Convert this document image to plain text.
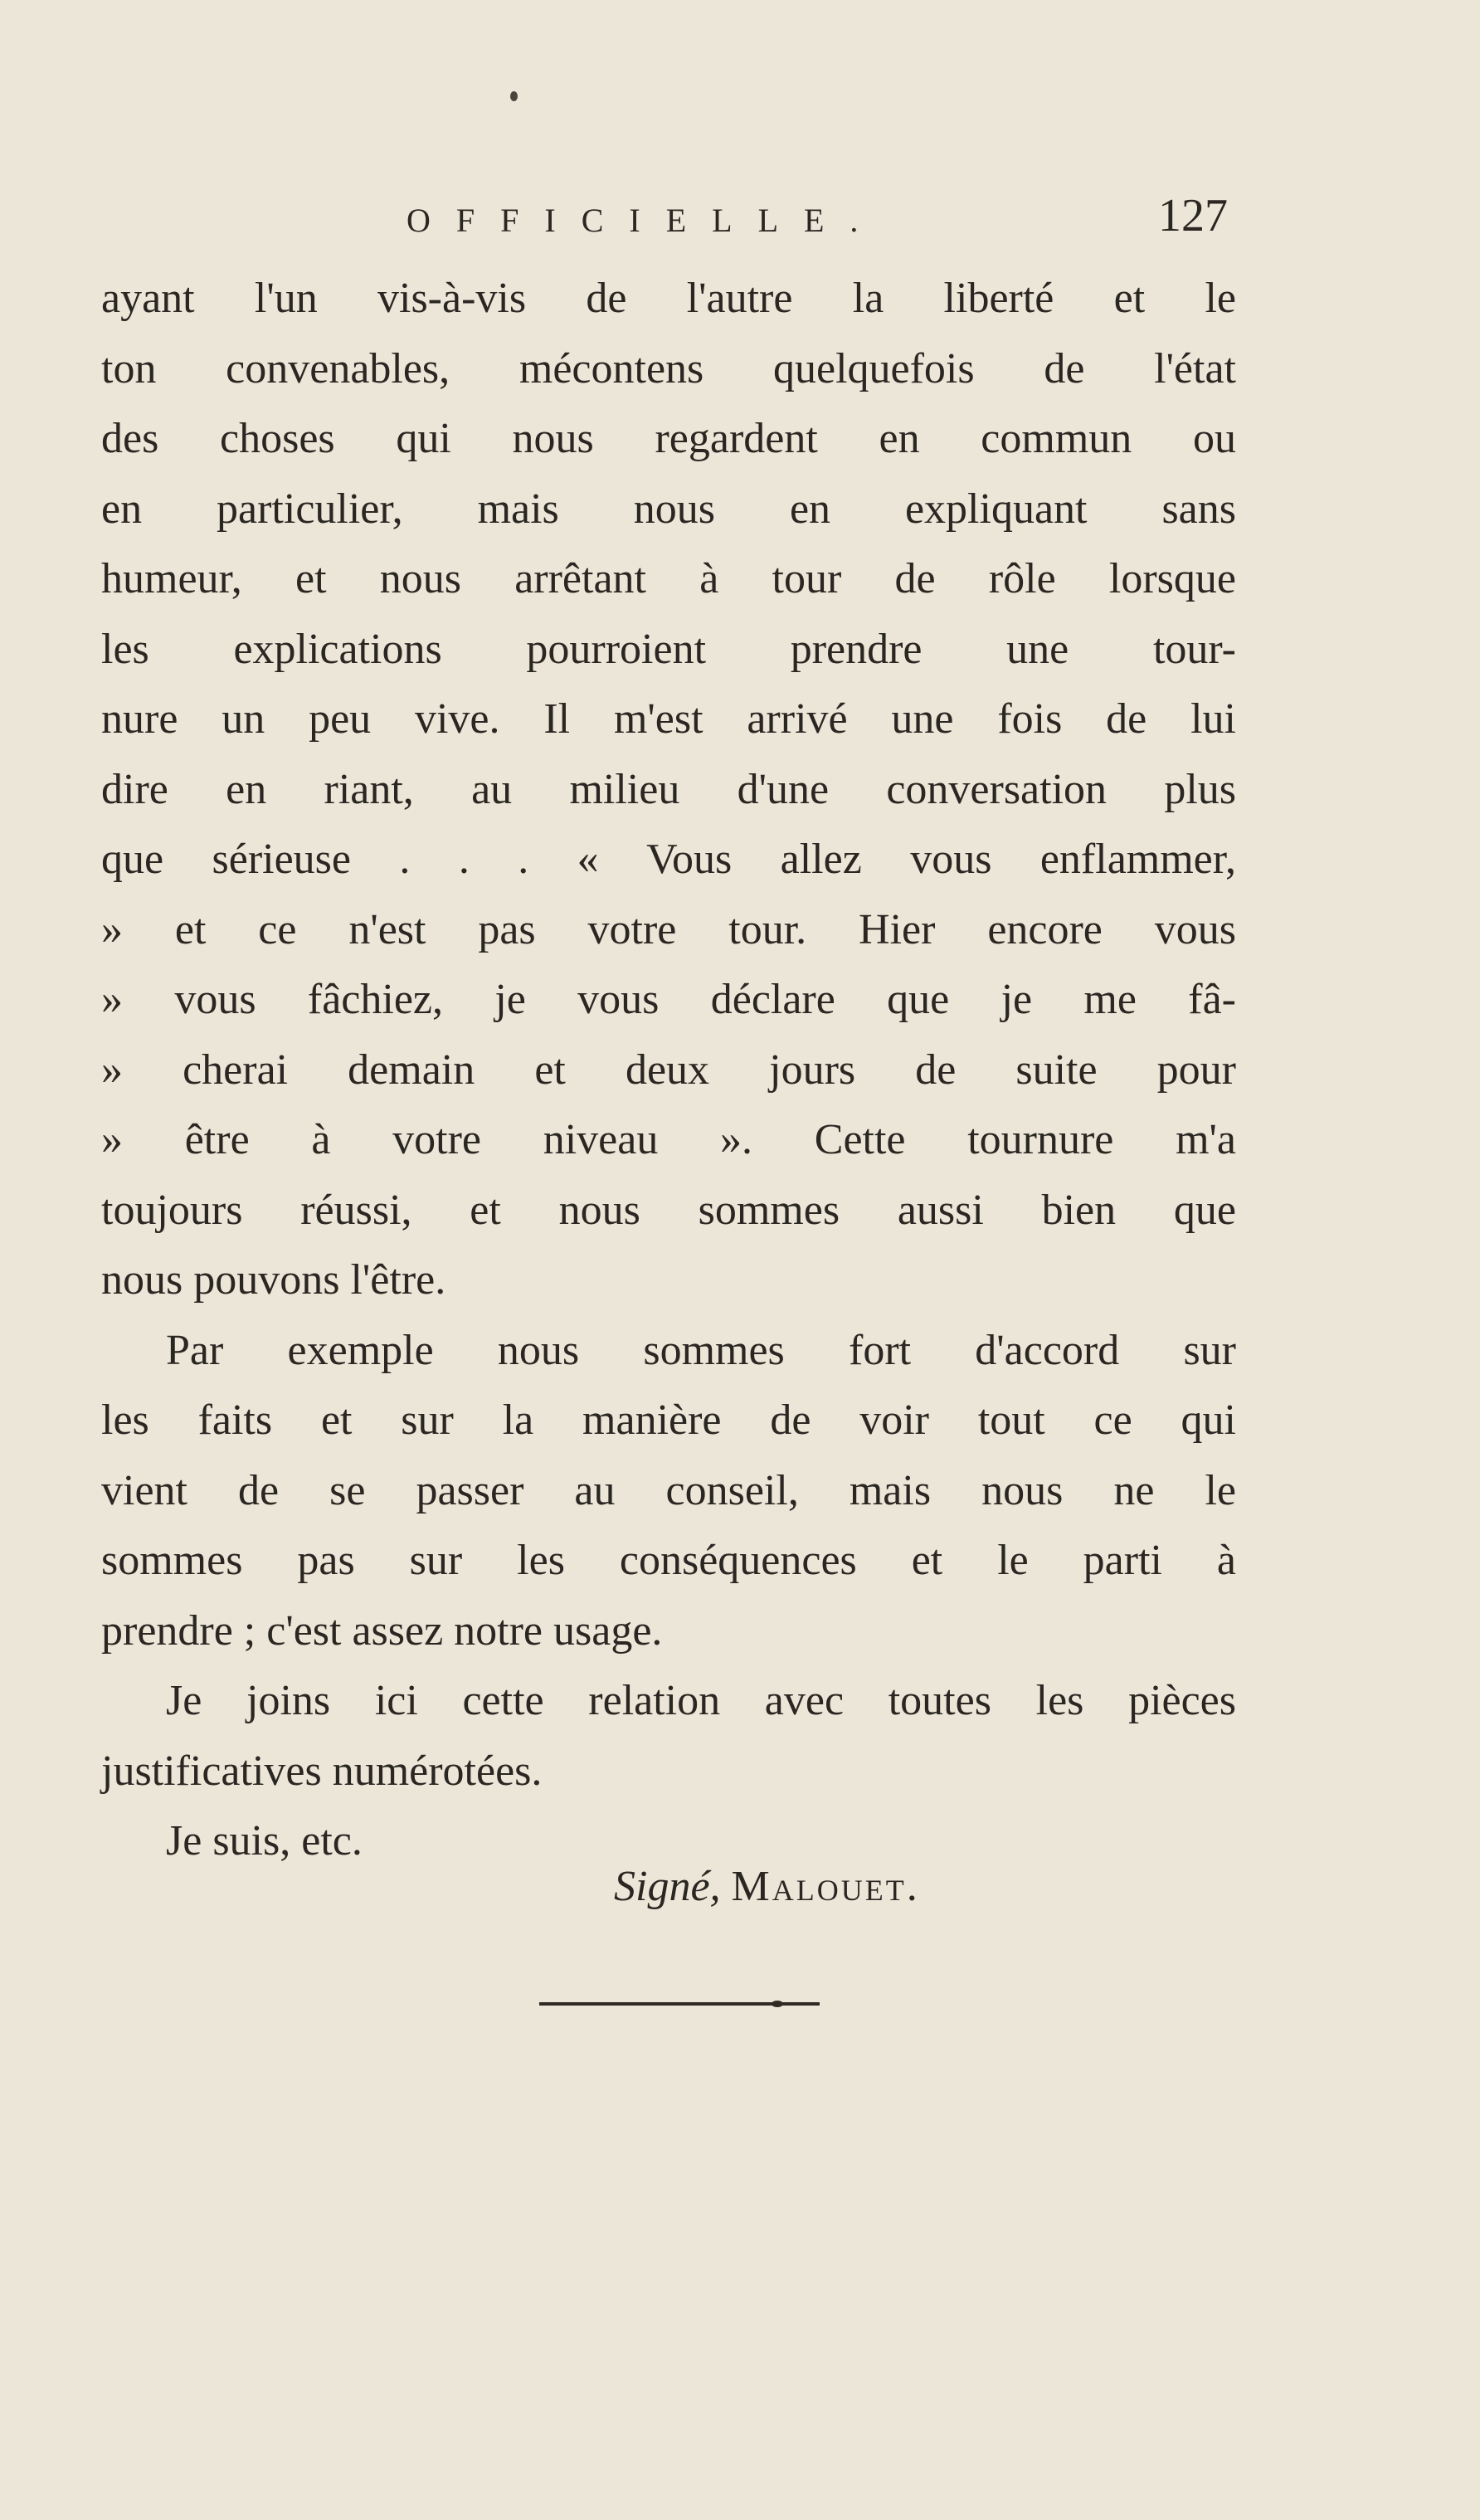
OFFICIELLE.	127
ayant l'un vis-à-vis de l'autre la liberté et le
ton convenables, mécontens quelquefois de l'état
des choses qui nous regardent en commun ou
en particulier, mais nous en expliquant sans
humeur, et nous arrêtant à tour de rôle lorsque
les explications pourroient prendre une tour-
nure un peu vive. Il m'est arrivé une fois de lui
dire en riant, au milieu d'une conversation plus
que sérieuse . . . « Vous allez vous enflammer,
» et ce n'est pas votre tour. Hier encore vous
» vous fâchiez, je vous déclare que je me fâ-
» cherai demain et deux jours de suite pour
» être à votre niveau ». Cette tournure m'a
toujours réussi, et nous sommes aussi bien que
nous pouvons l'être.
Par exemple nous sommes fort d'accord sur
les faits et sur la manière de voir tout ce qui
vient de se passer au conseil, mais nous ne le
sommes pas sur les conséquences et le parti à
prendre ; c'est assez notre usage.
Je joins ici cette relation avec toutes les pièces
justificatives numérotées.
Je suis, etc.
Signé, Malouet.
